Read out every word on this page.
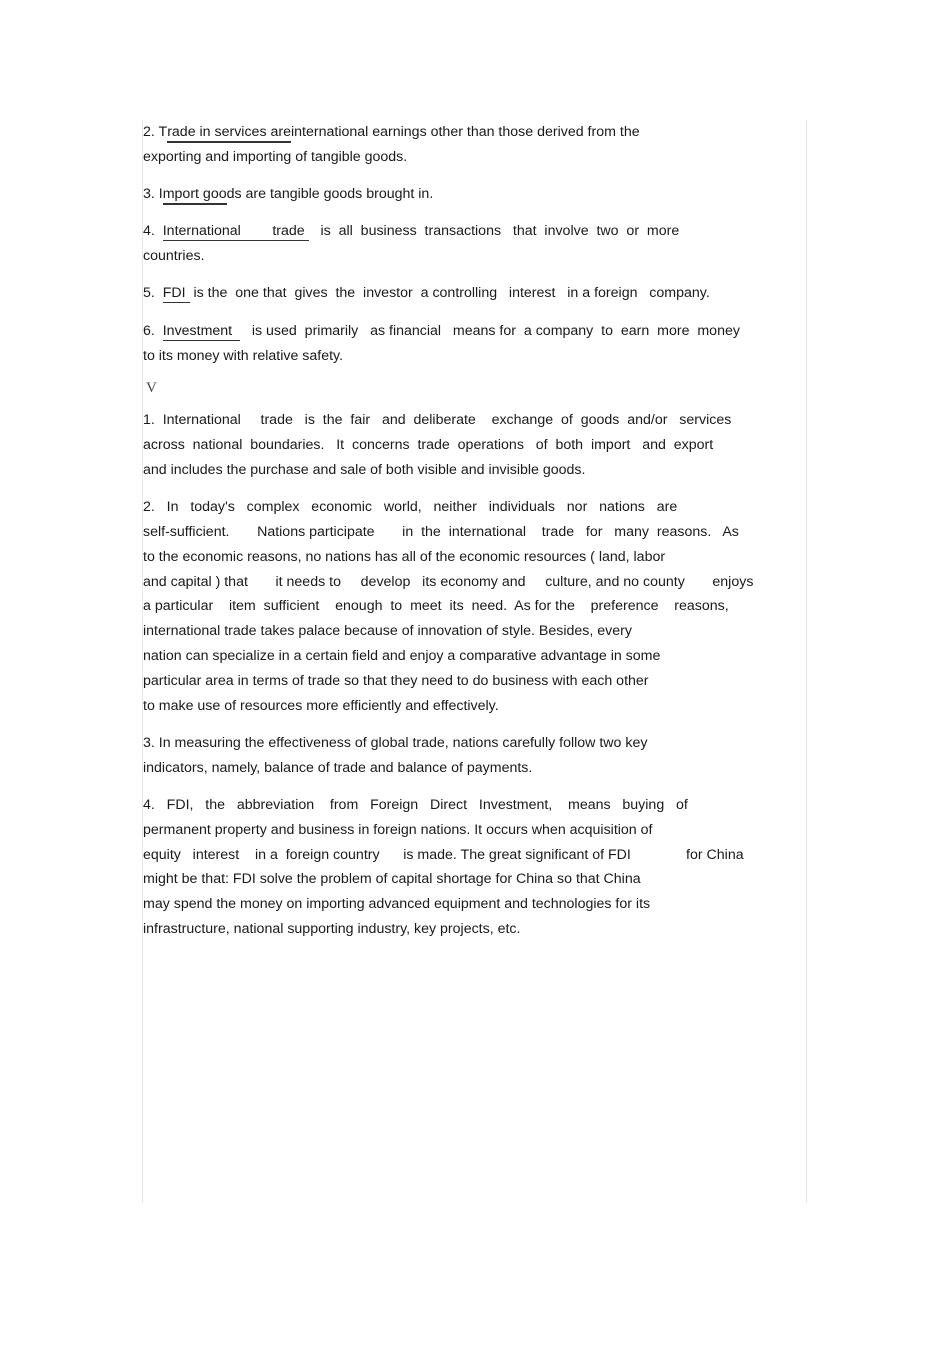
2. Trade in services areinternational earnings other than those derived from the
exporting and importing of tangible goods.
3. Import goods are tangible goods brought in.
4. International        trade    is  all  business  transactions   that  involve  two  or  more
countries.
5. FDI  is the  one that  gives  the  investor  a controlling   interest   in a foreign   company.
6. Investment     is used  primarily   as financial   means for  a company  to  earn  more  money
to its money with relative safety.
V
1.  International     trade   is  the  fair   and  deliberate    exchange  of  goods  and/or   services
across  national  boundaries.   It  concerns  trade  operations   of  both  import   and  export
and includes the purchase and sale of both visible and invisible goods.
2.   In   today's   complex   economic   world,   neither   individuals   nor   nations   are
self-sufficient.       Nations participate       in  the  international    trade   for   many  reasons.   As
to the economic reasons, no nations has all of the economic resources ( land, labor
and capital ) that       it needs to     develop   its economy and     culture, and no county       enjoys
a particular    item  sufficient    enough  to  meet  its  need.  As for the    preference    reasons,
international trade takes palace because of innovation of style. Besides, every
nation can specialize in a certain field and enjoy a comparative advantage in some
particular area in terms of trade so that they need to do business with each other
to make use of resources more efficiently and effectively.
3. In measuring the effectiveness of global trade, nations carefully follow two key
indicators, namely, balance of trade and balance of payments.
4.   FDI,   the   abbreviation    from   Foreign   Direct   Investment,    means   buying   of
permanent property and business in foreign nations. It occurs when acquisition of
equity   interest    in a  foreign country      is made. The great significant of FDI              for China
might be that: FDI solve the problem of capital shortage for China so that China
may spend the money on importing advanced equipment and technologies for its
infrastructure, national supporting industry, key projects, etc.
